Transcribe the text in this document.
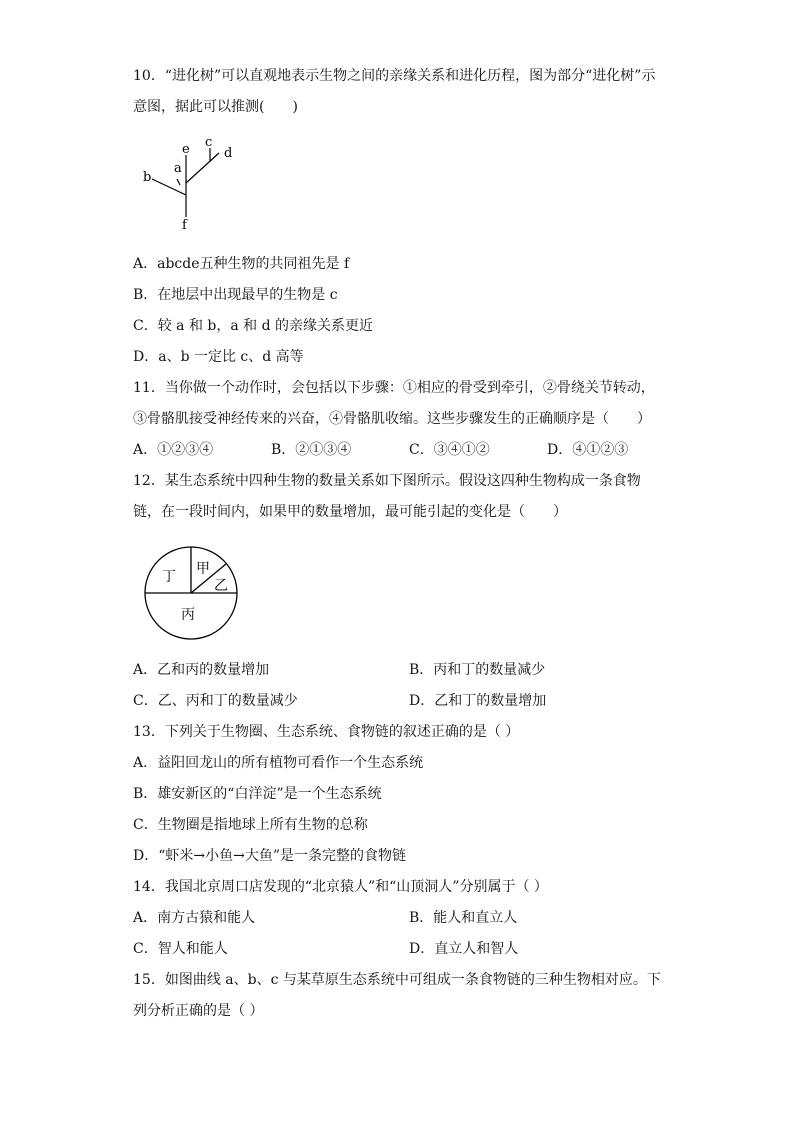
10．“进化树”可以直观地表示生物之间的亲缘关系和进化历程，图为部分“进化树”示
意图，据此可以推测(　　)
e c
d
a
b
f
A．abcde五种生物的共同祖先是 f
B．在地层中出现最早的生物是 c
C．较 a 和 b，a 和 d 的亲缘关系更近
D．a、b 一定比 c、d 高等
11．当你做一个动作时，会包括以下步骤：①相应的骨受到牵引，②骨绕关节转动，
③骨骼肌接受神经传来的兴奋，④骨骼肌收缩。这些步骤发生的正确顺序是（　　）
A．①②③④	B．②①③④	C．③④①②	D．④①②③
12．某生态系统中四种生物的数量关系如下图所示。假设这四种生物构成一条食物
链，在一段时间内，如果甲的数量增加，最可能引起的变化是（　　）
丁 甲
乙
丙
A．乙和丙的数量增加	B．丙和丁的数量减少
C．乙、丙和丁的数量减少	D．乙和丁的数量增加
13．下列关于生物圈、生态系统、食物链的叙述正确的是（ ）
A．益阳回龙山的所有植物可看作一个生态系统
B．雄安新区的“白洋淀”是一个生态系统
C．生物圈是指地球上所有生物的总称
D．“虾米→小鱼→大鱼”是一条完整的食物链
14．我国北京周口店发现的“北京猿人”和“山顶洞人”分别属于（ ）
A．南方古猿和能人	B．能人和直立人
C．智人和能人	D．直立人和智人
15．如图曲线 a、b、c 与某草原生态系统中可组成一条食物链的三种生物相对应。下
列分析正确的是（ ）
